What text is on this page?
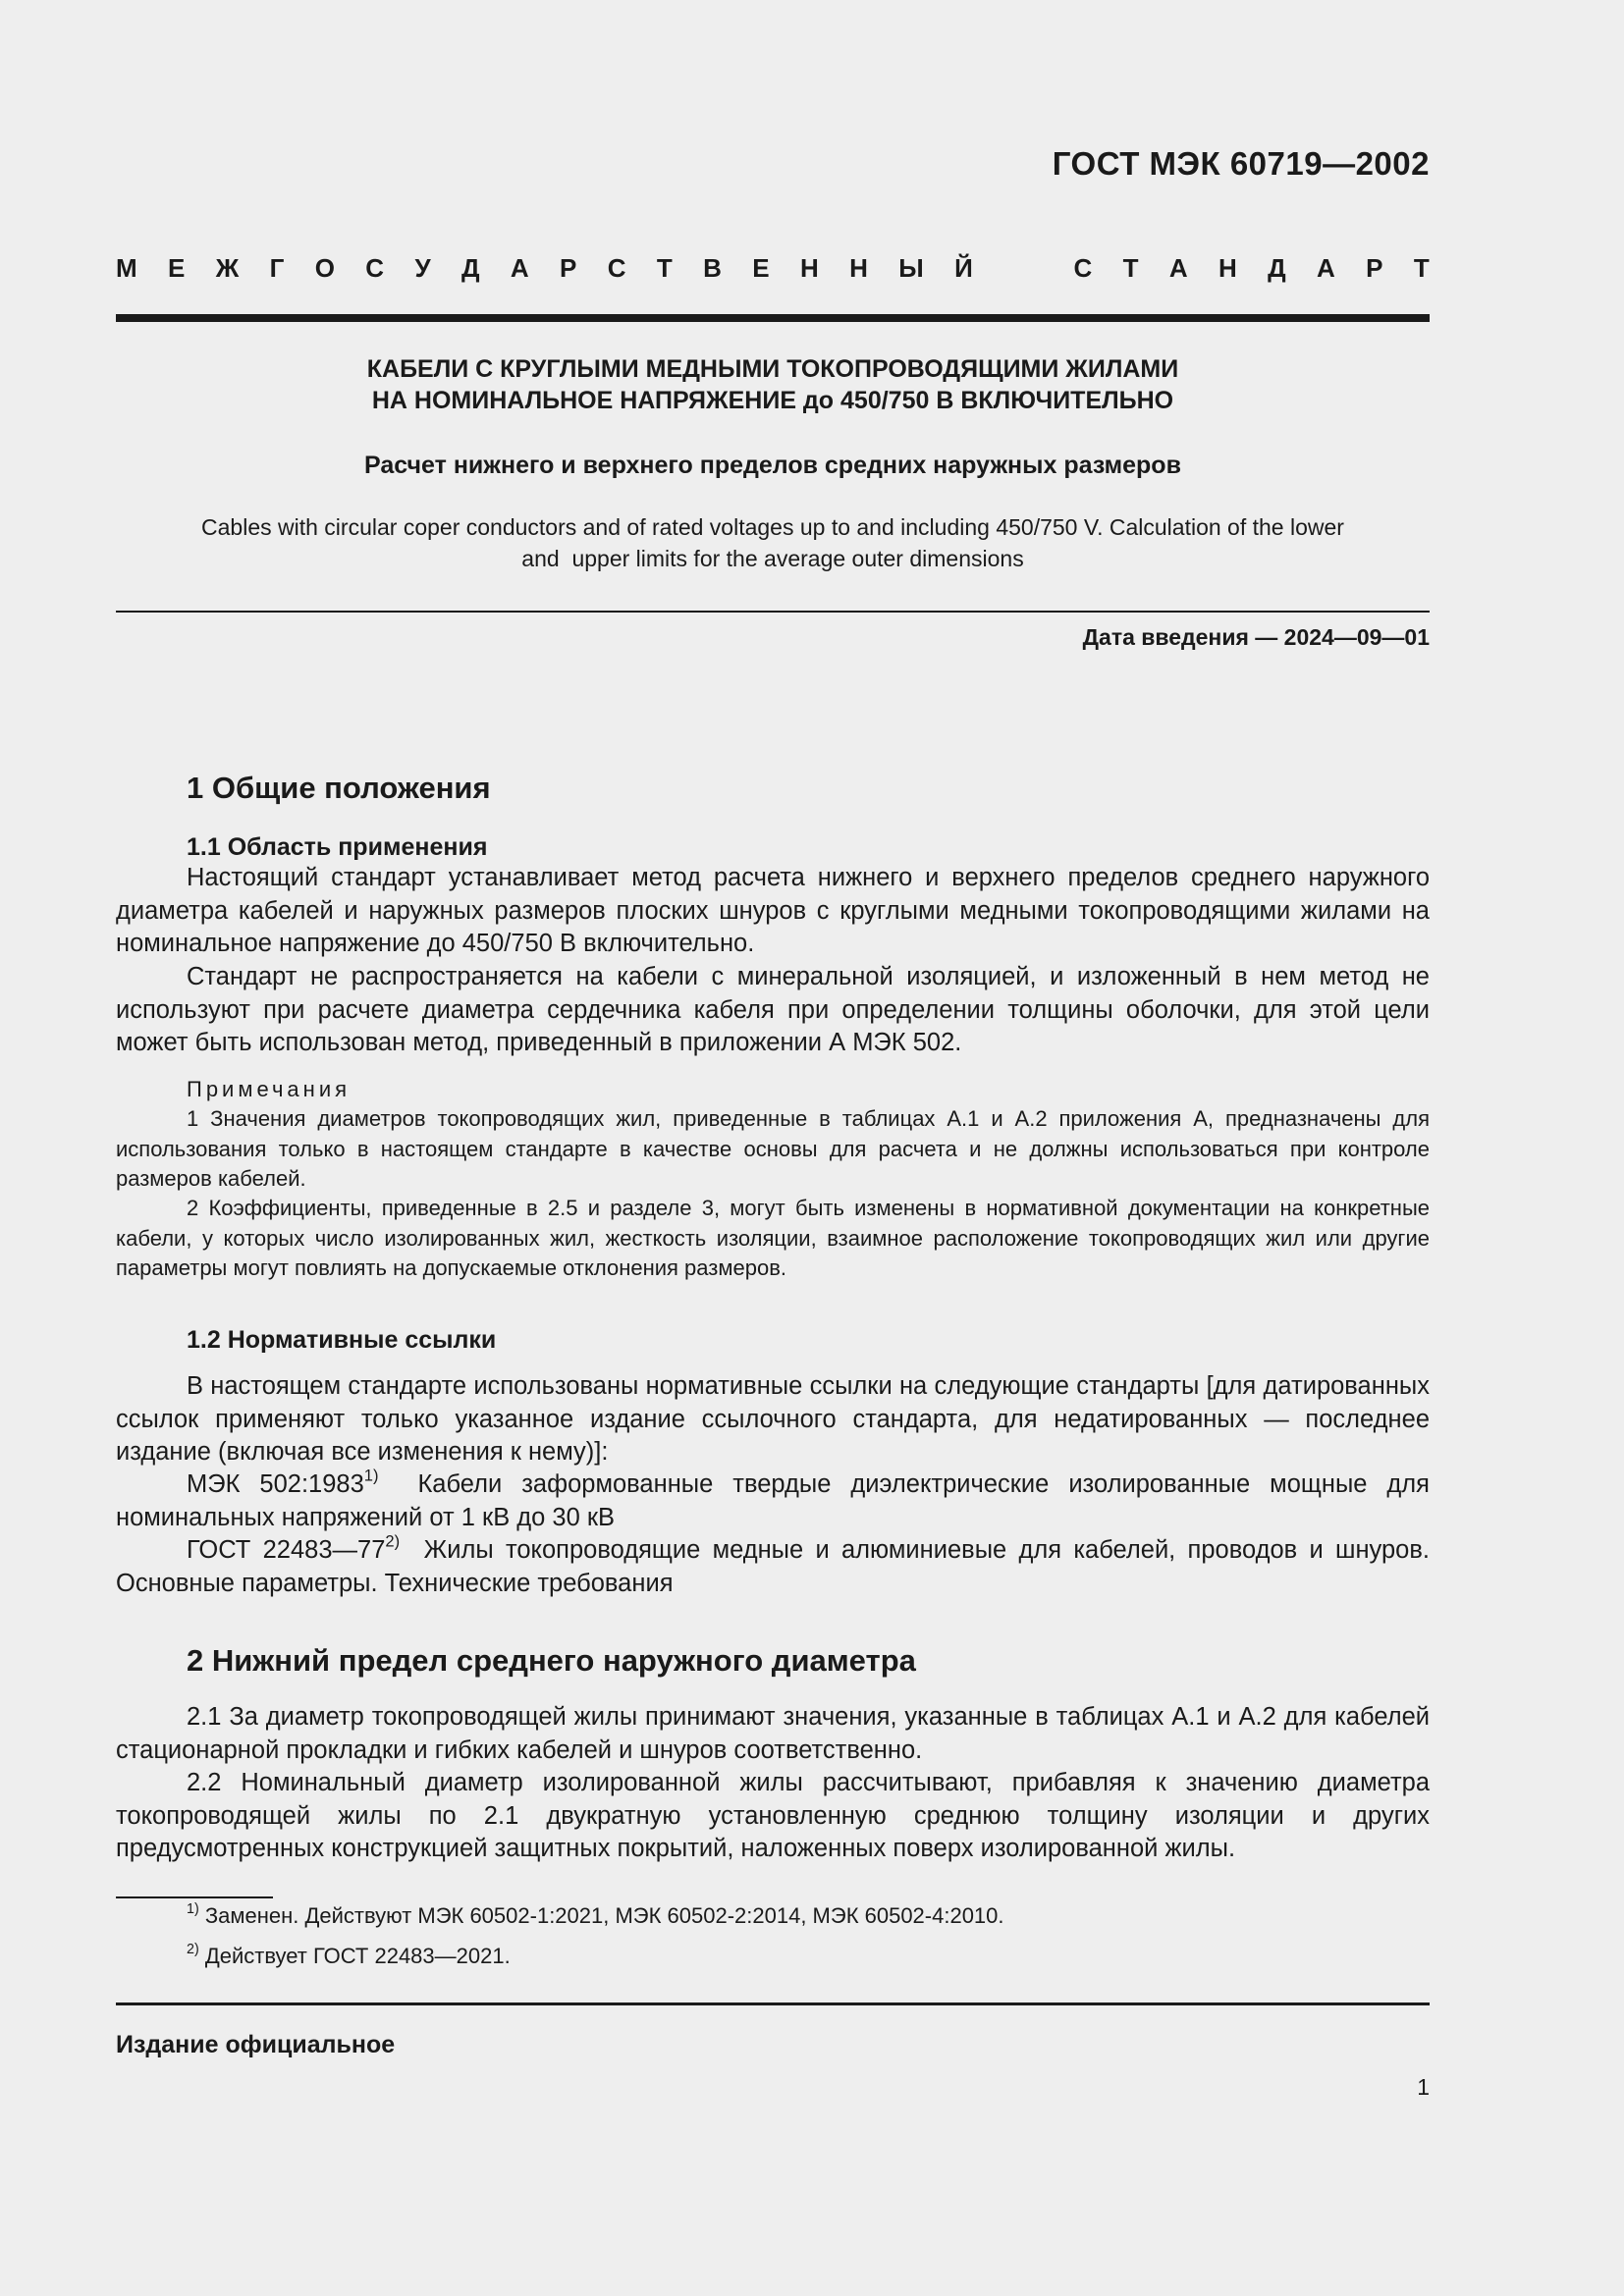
ГОСТ МЭК 60719—2002
М Е Ж Г О С У Д А Р С Т В Е Н Н Ы Й	С Т А Н Д А Р Т
КАБЕЛИ С КРУГЛЫМИ МЕДНЫМИ ТОКОПРОВОДЯЩИМИ ЖИЛАМИ
НА НОМИНАЛЬНОЕ НАПРЯЖЕНИЕ до 450/750 В ВКЛЮЧИТЕЛЬНО
Расчет нижнего и верхнего пределов средних наружных размеров
Cables with circular coper conductors and of rated voltages up to and including 450/750 V. Calculation of the lower
and  upper limits for the average outer dimensions
Дата введения — 2024—09—01
1 Общие положения
1.1 Область применения

Настоящий стандарт устанавливает метод расчета нижнего и верхнего пределов среднего наружного диаметра кабелей и наружных размеров плоских шнуров с круглыми медными токопроводящими жилами на номинальное напряжение до 450/750 В включительно.

Стандарт не распространяется на кабели с минеральной изоляцией, и изложенный в нем метод не используют при расчете диаметра сердечника кабеля при определении толщины оболочки, для этой цели может быть использован метод, приведенный в приложении А МЭК 502.

Примечания

1 Значения диаметров токопроводящих жил, приведенные в таблицах А.1 и А.2 приложения А, предназначены для использования только в настоящем стандарте в качестве основы для расчета и не должны использоваться при контроле размеров кабелей.

2 Коэффициенты, приведенные в 2.5 и разделе 3, могут быть изменены в нормативной документации на конкретные кабели, у которых число изолированных жил, жесткость изоляции, взаимное расположение токопроводящих жил или другие параметры могут повлиять на допускаемые отклонения размеров.

1.2 Нормативные ссылки

В настоящем стандарте использованы нормативные ссылки на следующие стандарты [для датированных ссылок применяют только указанное издание ссылочного стандарта, для недатированных — последнее издание (включая все изменения к нему)]:

МЭК 502:1983$^{1)}$  Кабели заформованные твердые диэлектрические изолированные мощные для номинальных напряжений от 1 кВ до 30 кВ

ГОСТ 22483—77$^{2)}$  Жилы токопроводящие медные и алюминиевые для кабелей, проводов и шнуров. Основные параметры. Технические требования

2 Нижний предел среднего наружного диаметра

2.1 За диаметр токопроводящей жилы принимают значения, указанные в таблицах А.1 и А.2 для кабелей стационарной прокладки и гибких кабелей и шнуров соответственно.

2.2 Номинальный диаметр изолированной жилы рассчитывают, прибавляя к значению диаметра токопроводящей жилы по 2.1 двукратную установленную среднюю толщину изоляции и других предусмотренных конструкцией защитных покрытий, наложенных поверх изолированной жилы.

$^{1)}$ Заменен. Действуют МЭК 60502-1:2021, МЭК 60502-2:2014, МЭК 60502-4:2010.
$^{2)}$ Действует ГОСТ 22483—2021.
Издание официальное
1
